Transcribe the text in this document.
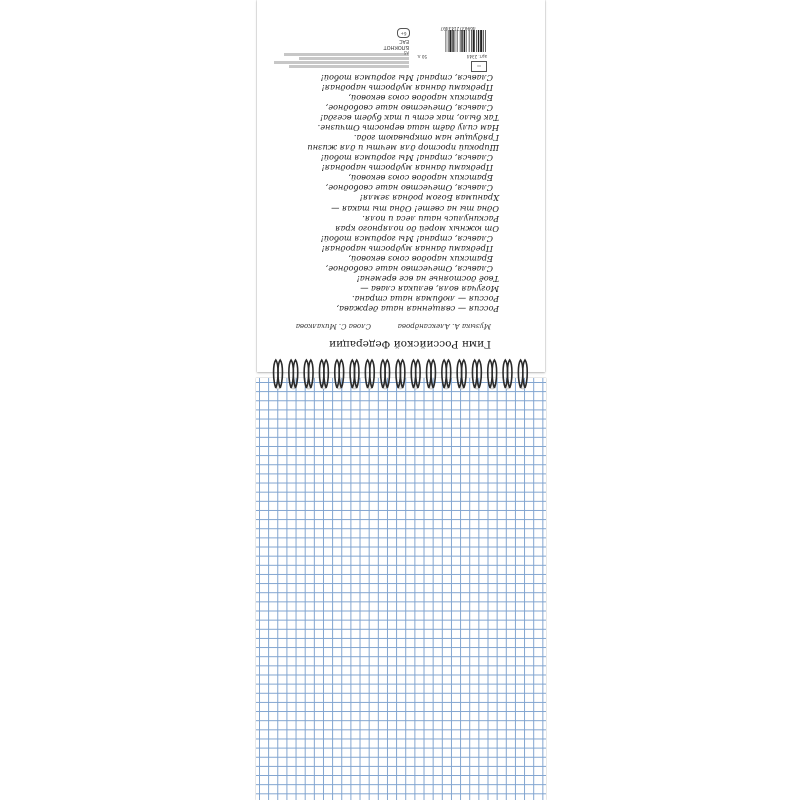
Гимн Российской Федерации
Музыка А. Александрова
Слова С. Михалкова
Россия — священная наша держава,
Россия — любимая наша страна.
Могучая воля, великая слава —
Твоё достоянье на все времена!
Славься, Отечество наше свободное,
Братских народов союз вековой,
Предками данная мудрость народная!
Славься, страна! Мы гордимся тобой!
От южных морей до полярного края
Раскинулись наши леса и поля.
Одна ты на свете! Одна ты такая —
Хранимая Богом родная земля!
Славься, Отечество наше свободное,
Братских народов союз вековой,
Предками данная мудрость народная!
Славься, страна! Мы гордимся тобой!
Широкий простор для мечты и для жизни
Грядущие нам открывают года.
Нам силу даёт наша верность Отчизне.
Так было, так есть и так будет всегда!
Славься, Отечество наше свободное,
Братских народов союз вековой,
Предками данная мудрость народная!
Славься, страна! Мы гордимся тобой!
▭
арт. 2344
50 л.
А5
БЛОКНОТ
EAC
6+
4690372143407
